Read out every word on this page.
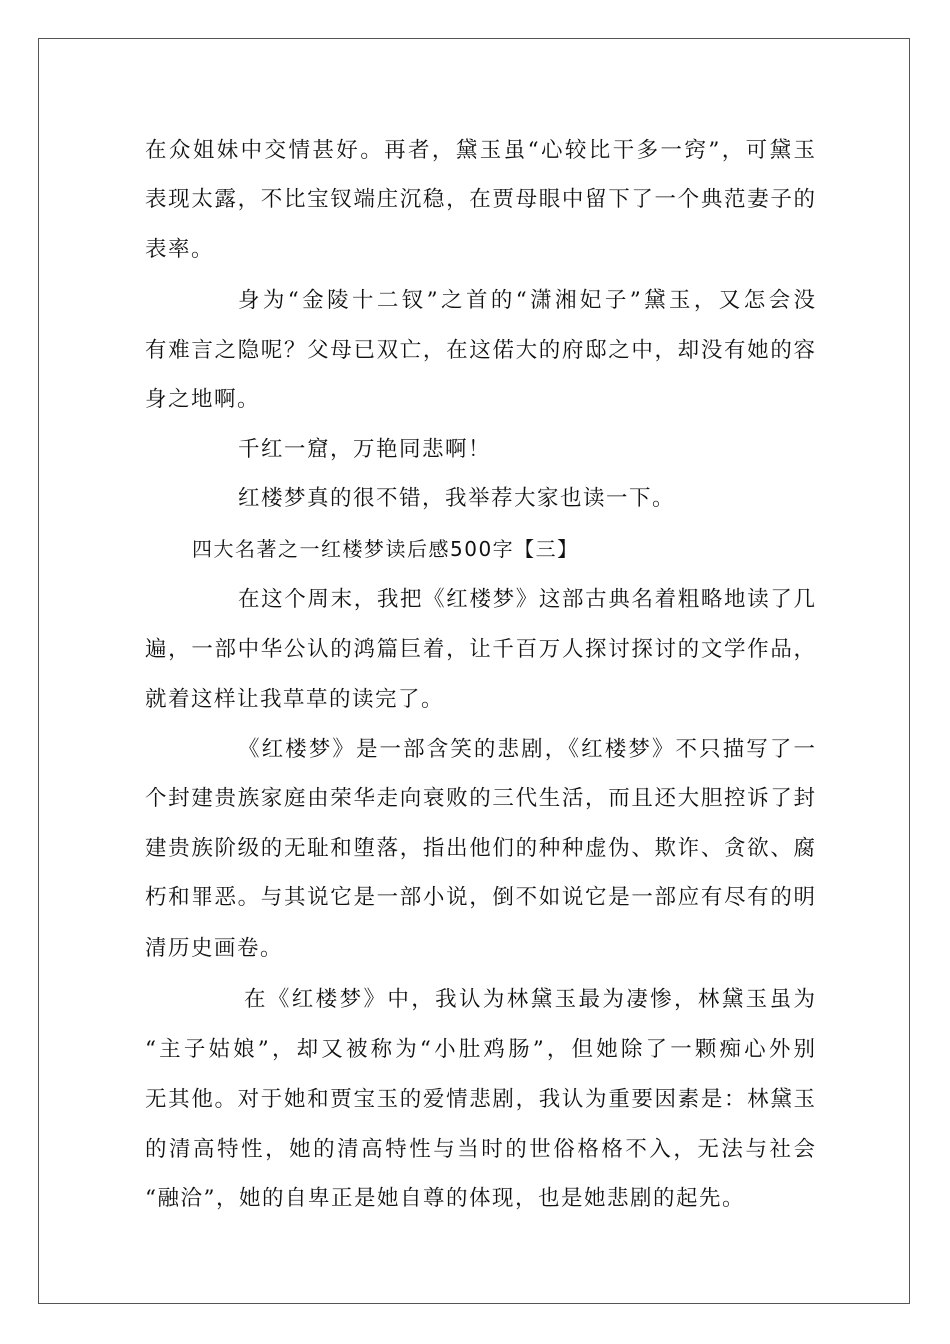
在众姐妹中交情甚好。再者，黛玉虽“心较比干多一窍”，可黛玉
表现太露，不比宝钗端庄沉稳，在贾母眼中留下了一个典范妻子的
表率。
身为“金陵十二钗”之首的“潇湘妃子”黛玉，又怎会没
有难言之隐呢？父母已双亡，在这偌大的府邸之中，却没有她的容
身之地啊。
千红一窟，万艳同悲啊！
红楼梦真的很不错，我举荐大家也读一下。
四大名著之一红楼梦读后感500字【三】
在这个周末，我把《红楼梦》这部古典名着粗略地读了几
遍，一部中华公认的鸿篇巨着，让千百万人探讨探讨的文学作品，
就着这样让我草草的读完了。
《红楼梦》是一部含笑的悲剧，《红楼梦》不只描写了一
个封建贵族家庭由荣华走向衰败的三代生活，而且还大胆控诉了封
建贵族阶级的无耻和堕落，指出他们的种种虚伪、欺诈、贪欲、腐
朽和罪恶。与其说它是一部小说，倒不如说它是一部应有尽有的明
清历史画卷。
在《红楼梦》中，我认为林黛玉最为凄惨，林黛玉虽为
“主子姑娘”，却又被称为“小肚鸡肠”，但她除了一颗痴心外别
无其他。对于她和贾宝玉的爱情悲剧，我认为重要因素是：林黛玉
的清高特性，她的清高特性与当时的世俗格格不入，无法与社会
“融洽”，她的自卑正是她自尊的体现，也是她悲剧的起先。
